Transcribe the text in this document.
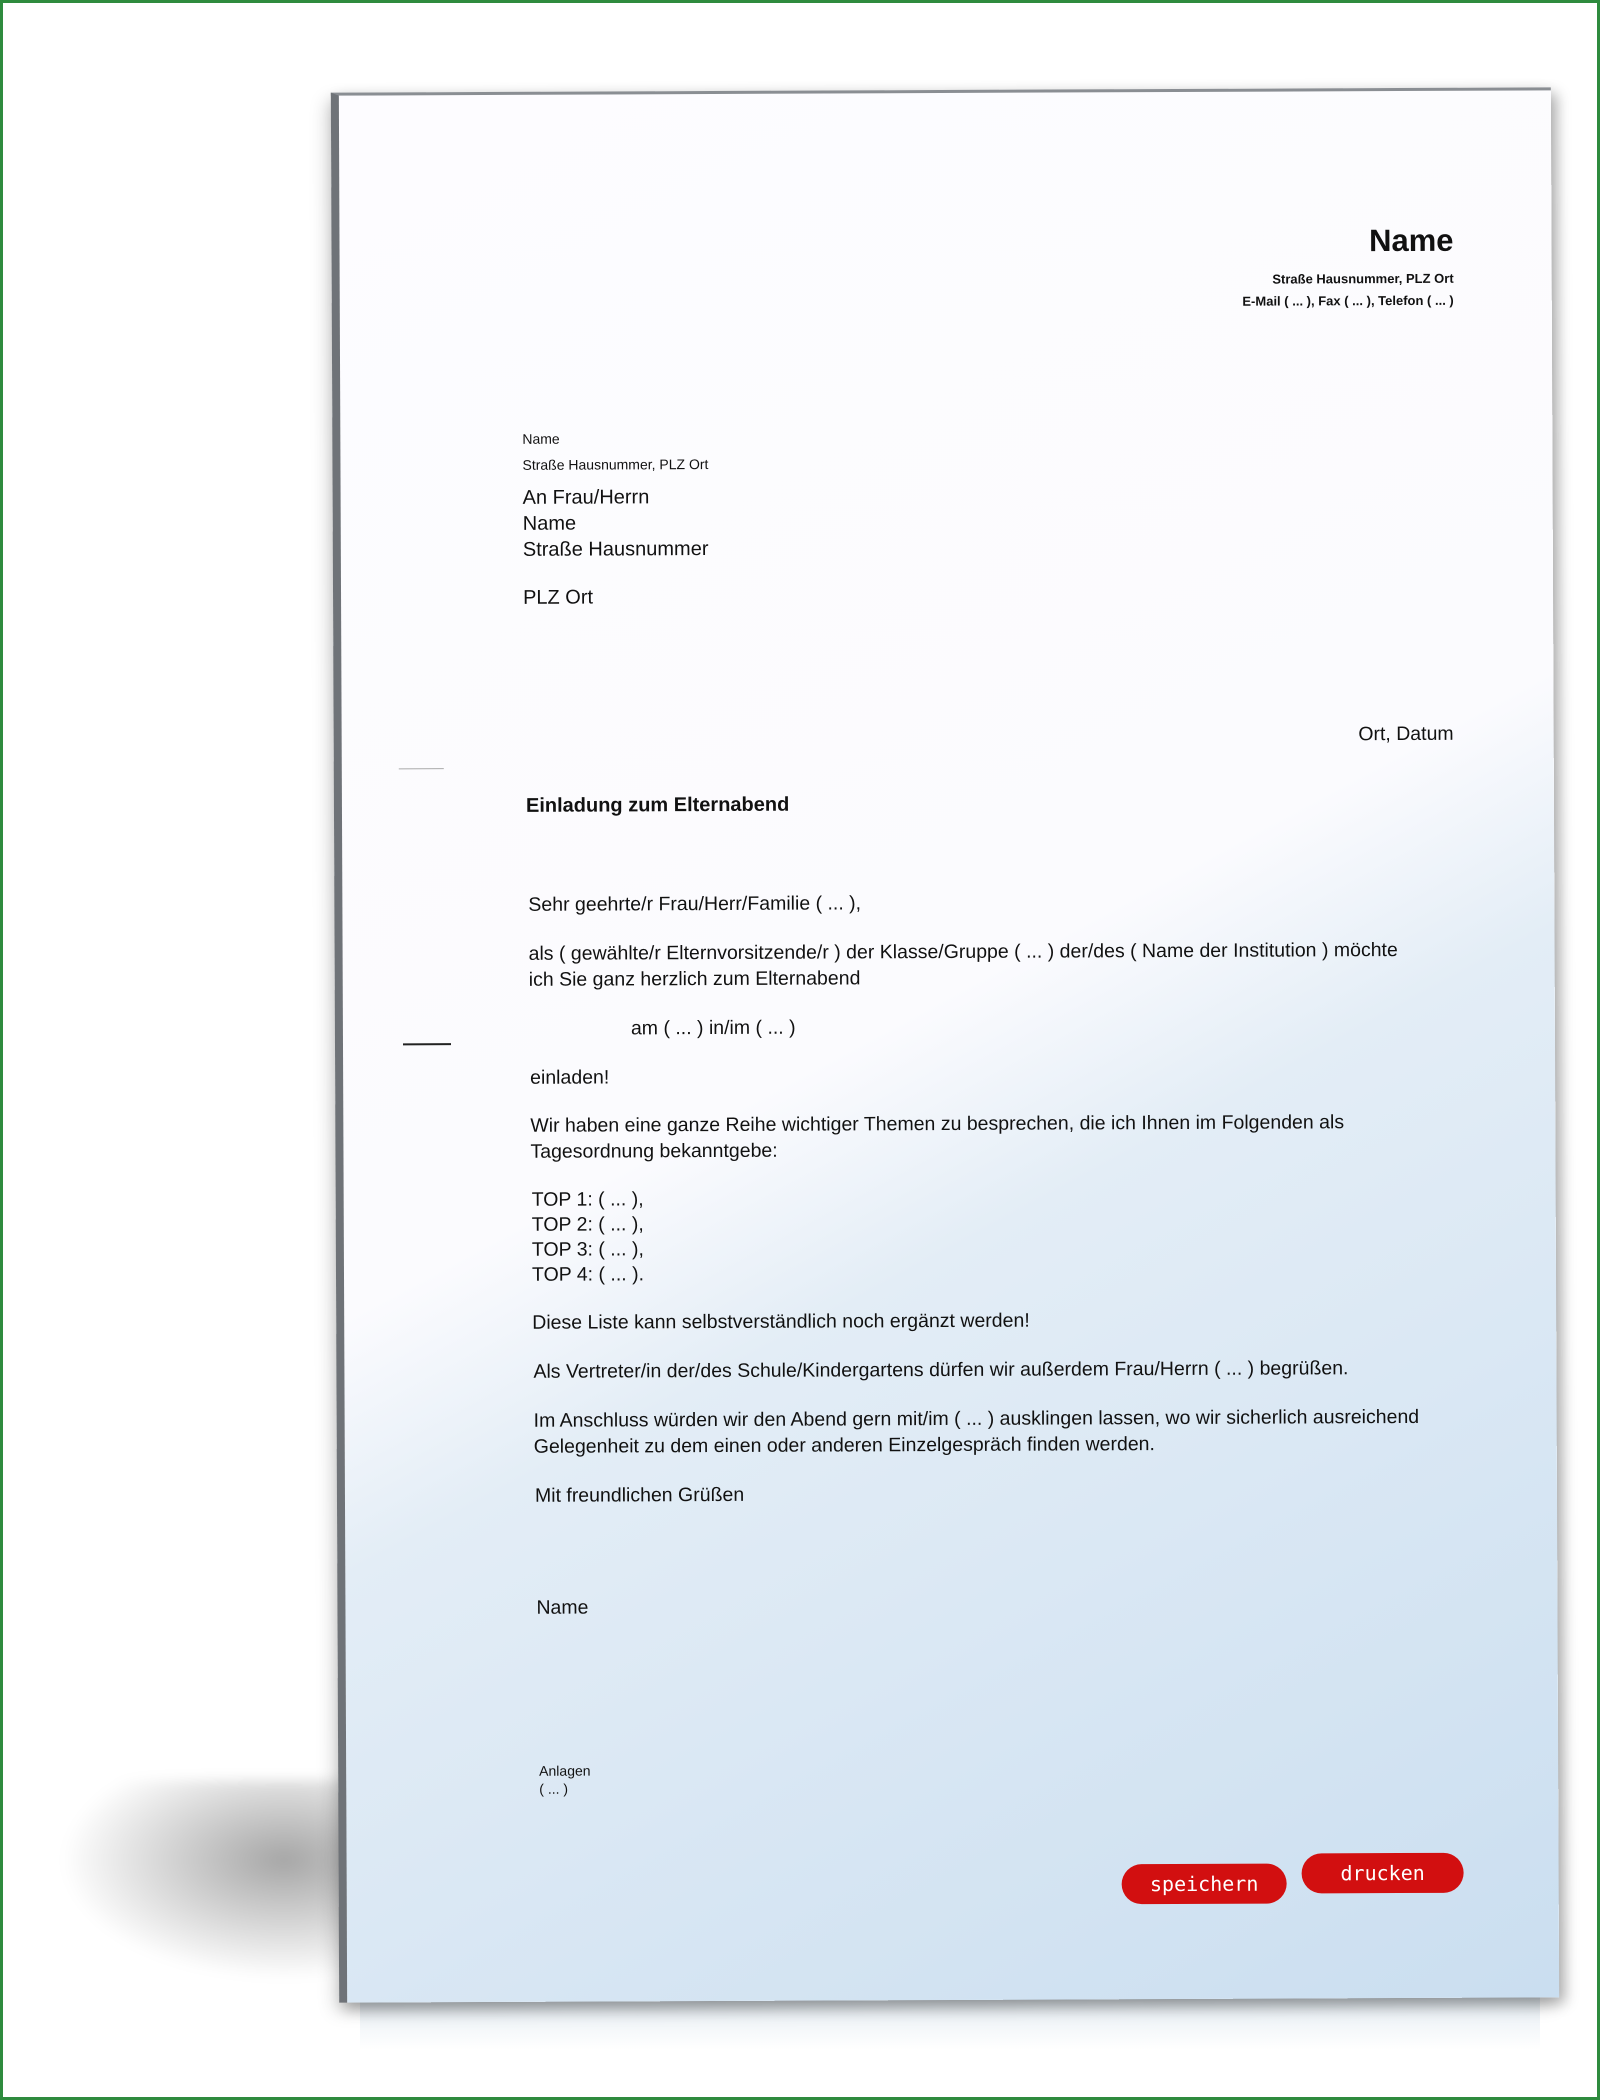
Name
Straße Hausnummer, PLZ Ort
E-Mail ( ... ), Fax ( ... ), Telefon ( ... )
Name
Straße Hausnummer, PLZ Ort
An Frau/Herrn
Name
Straße Hausnummer
PLZ Ort
Ort, Datum
Einladung zum Elternabend
Sehr geehrte/r Frau/Herr/Familie ( ... ),
als ( gewählte/r Elternvorsitzende/r ) der Klasse/Gruppe ( ... ) der/des ( Name der Institution ) möchte
ich Sie ganz herzlich zum Elternabend
am ( ... ) in/im ( ... )
einladen!
Wir haben eine ganze Reihe wichtiger Themen zu besprechen, die ich Ihnen im Folgenden als
Tagesordnung bekanntgebe:
TOP 1: ( ... ),
TOP 2: ( ... ),
TOP 3: ( ... ),
TOP 4: ( ... ).
Diese Liste kann selbstverständlich noch ergänzt werden!
Als Vertreter/in der/des Schule/Kindergartens dürfen wir außerdem Frau/Herrn ( ... ) begrüßen.
Im Anschluss würden wir den Abend gern mit/im ( ... ) ausklingen lassen, wo wir sicherlich ausreichend
Gelegenheit zu dem einen oder anderen Einzelgespräch finden werden.
Mit freundlichen Grüßen
Name
Anlagen
( ... )
speichern	drucken
